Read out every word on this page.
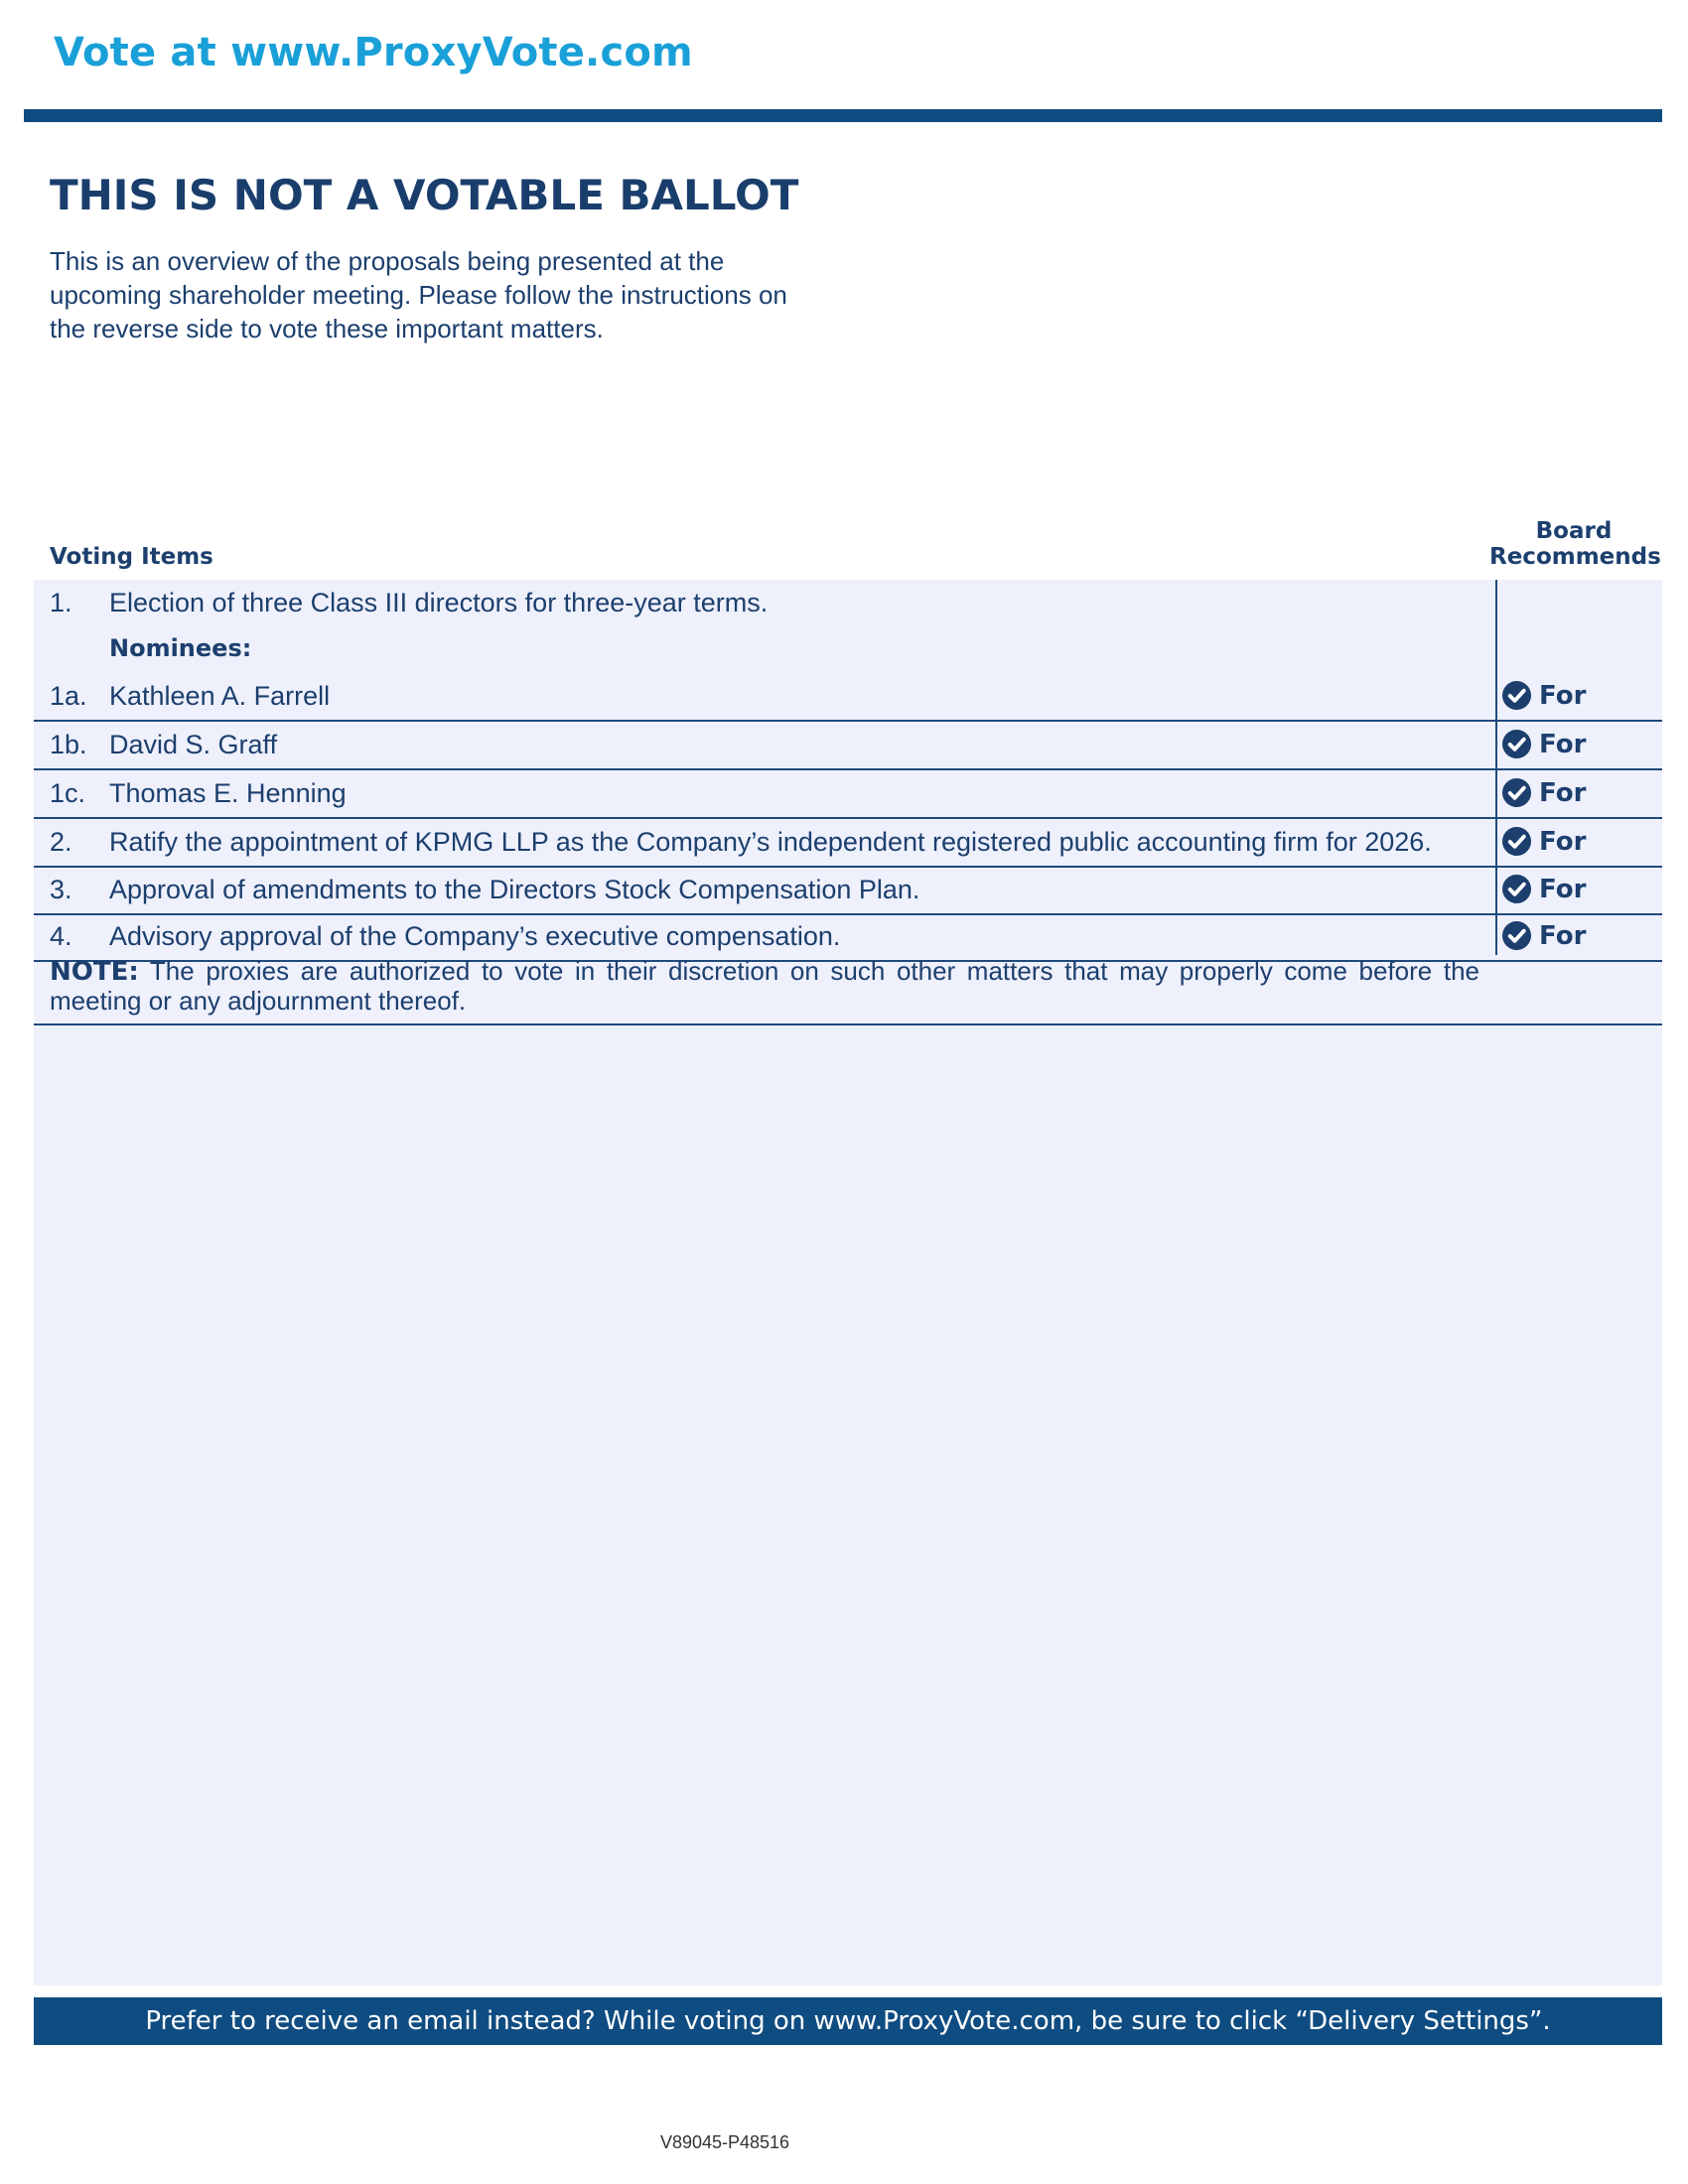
Vote at www.ProxyVote.com
THIS IS NOT A VOTABLE BALLOT
This is an overview of the proposals being presented at the
upcoming shareholder meeting. Please follow the instructions on
the reverse side to vote these important matters.
Voting Items
Board
Recommends
1. Election of three Class III directors for three-year terms.
Nominees:
1a. Kathleen A. Farrell	For
1b. David S. Graff	For
1c. Thomas E. Henning	For
2. Ratify the appointment of KPMG LLP as the Company’s independent registered public accounting firm for 2026.	For
3. Approval of amendments to the Directors Stock Compensation Plan.	For
4. Advisory approval of the Company’s executive compensation.	For
NOTE: The proxies are authorized to vote in their discretion on such other matters that may properly come before the meeting or any adjournment thereof.
Prefer to receive an email instead? While voting on www.ProxyVote.com, be sure to click “Delivery Settings”.
V89045-P48516
